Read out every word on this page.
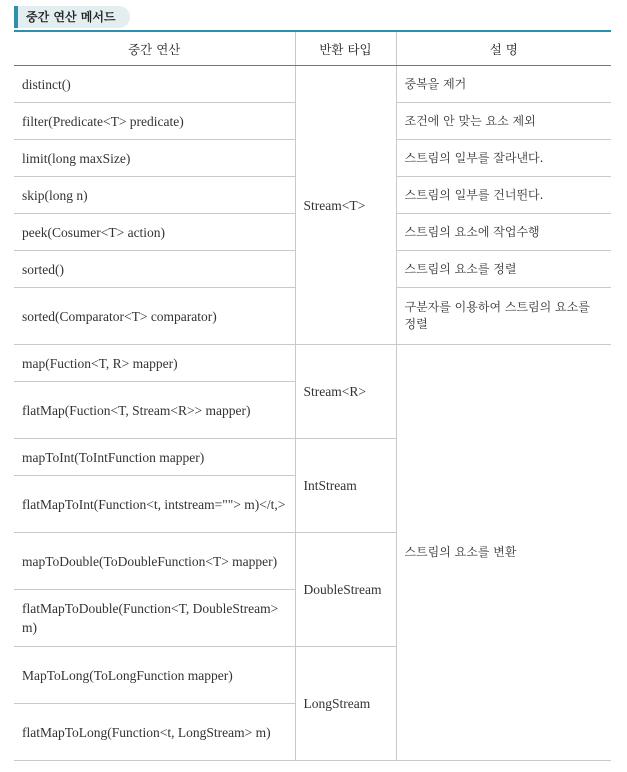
중간 연산 메서드
중간 연산	반환 타입	설 명
distinct()	Stream<T>	중복을 제거
filter(Predicate<T> predicate)		조건에 안 맞는 요소 제외
limit(long maxSize)		스트림의 일부를 잘라낸다.
skip(long n)		스트림의 일부를 건너뛴다.
peek(Cosumer<T> action)		스트림의 요소에 작업수행
sorted()		스트림의 요소를 정렬
sorted(Comparator<T> comparator)		구분자를 이용하여 스트림의 요소를 정렬
map(Fuction<T, R> mapper)	Stream<R>	스트림의 요소를 변환
flatMap(Fuction<T, Stream<R>> mapper)		
mapToInt(ToIntFunction mapper)	IntStream	
flatMapToInt(Function<t, intstream=""> m)</t,>		
mapToDouble(ToDoubleFunction<T> mapper)	DoubleStream	
flatMapToDouble(Function<T, DoubleStream> m)		
MapToLong(ToLongFunction mapper)	LongStream	
flatMapToLong(Function<t, LongStream> m)		
